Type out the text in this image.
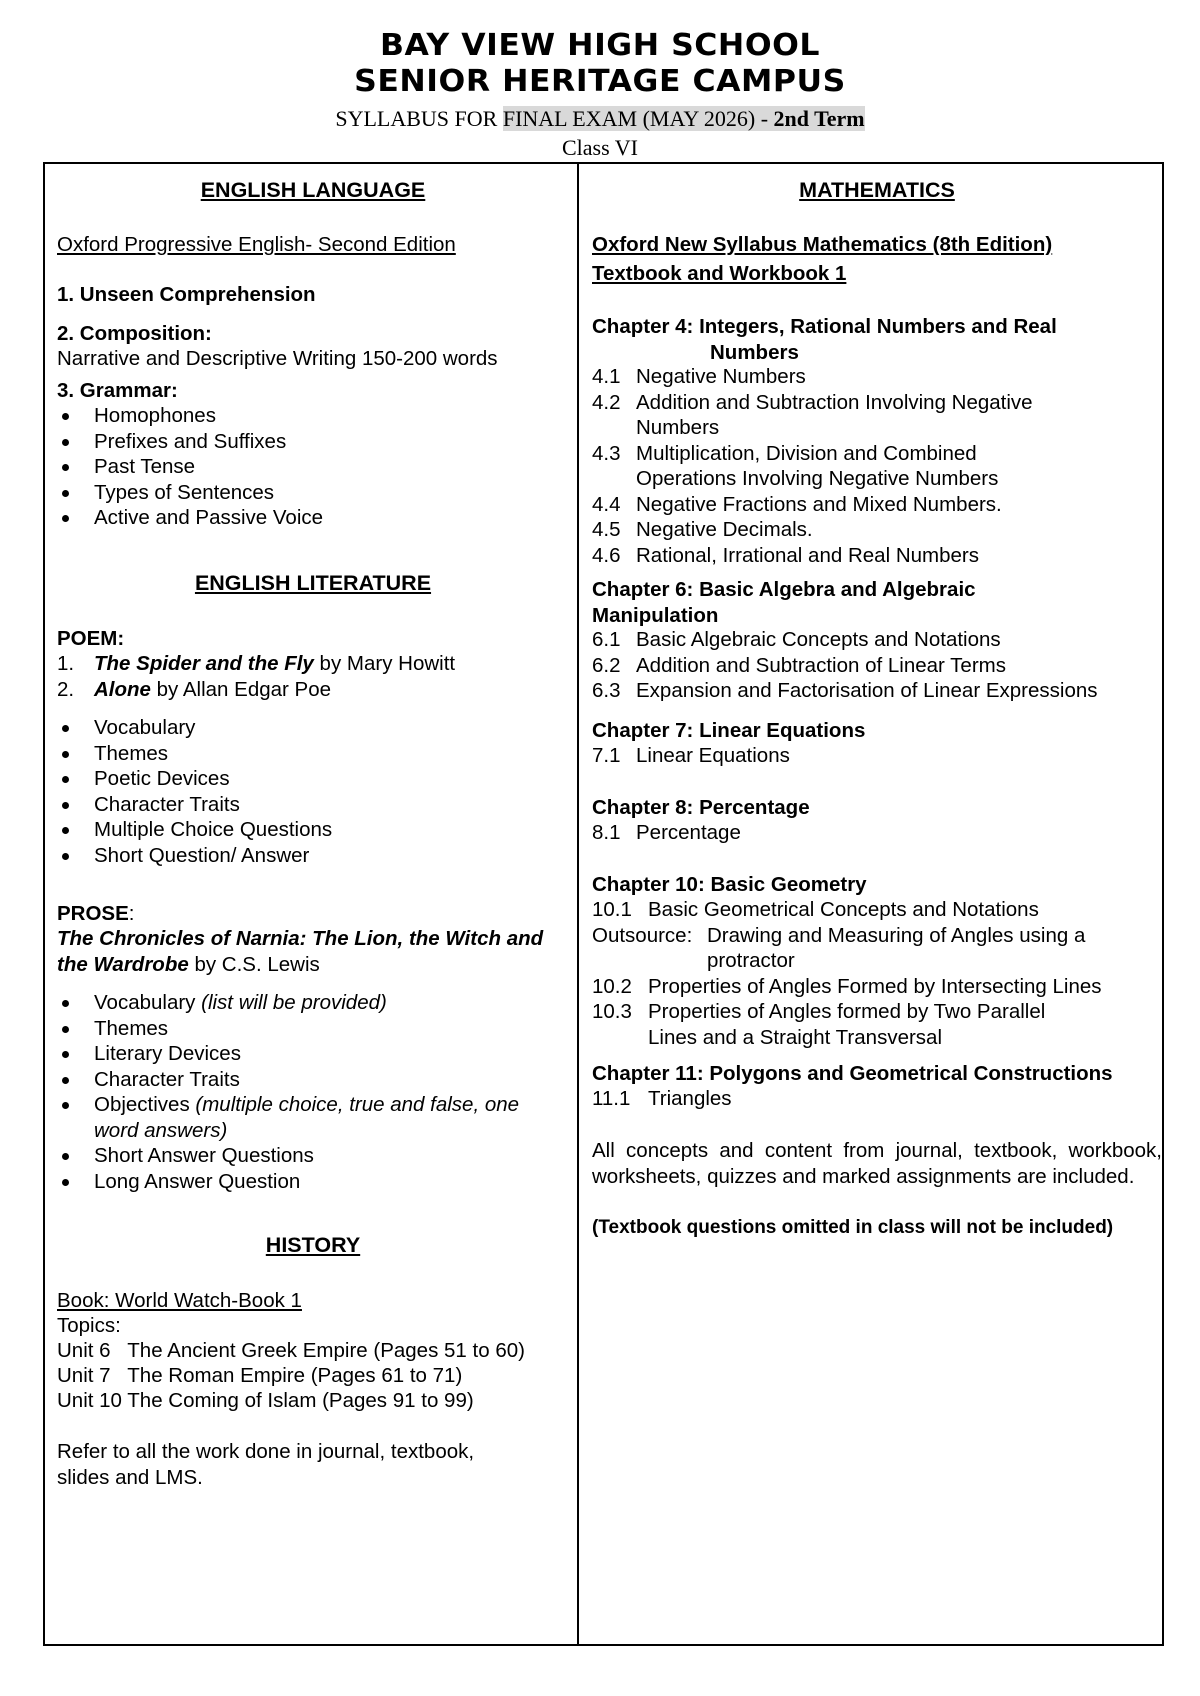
BAY VIEW HIGH SCHOOL
SENIOR HERITAGE CAMPUS
SYLLABUS FOR FINAL EXAM (MAY 2026) - 2nd Term
Class VI
ENGLISH LANGUAGE
Oxford Progressive English- Second Edition
1. Unseen Comprehension
2. Composition:
Narrative and Descriptive Writing 150-200 words
3. Grammar:
Homophones
Prefixes and Suffixes
Past Tense
Types of Sentences
Active and Passive Voice
ENGLISH LITERATURE
POEM:
1. The Spider and the Fly by Mary Howitt
2. Alone by Allan Edgar Poe
Vocabulary
Themes
Poetic Devices
Character Traits
Multiple Choice Questions
Short Question/ Answer
PROSE:
The Chronicles of Narnia: The Lion, the Witch and the Wardrobe by C.S. Lewis
Vocabulary (list will be provided)
Themes
Literary Devices
Character Traits
Objectives (multiple choice, true and false, one word answers)
Short Answer Questions
Long Answer Question
HISTORY
Book: World Watch-Book 1
Topics:
Unit 6   The Ancient Greek Empire (Pages 51 to 60)
Unit 7   The Roman Empire (Pages 61 to 71)
Unit 10 The Coming of Islam (Pages 91 to 99)
Refer to all the work done in journal, textbook, slides and LMS.
MATHEMATICS
Oxford New Syllabus Mathematics (8th Edition)
Textbook and Workbook 1
Chapter 4: Integers, Rational Numbers and Real
Numbers
4.1 Negative Numbers
4.2 Addition and Subtraction Involving Negative Numbers
4.3 Multiplication, Division and Combined Operations Involving Negative Numbers
4.4 Negative Fractions and Mixed Numbers.
4.5 Negative Decimals.
4.6 Rational, Irrational and Real Numbers
Chapter 6: Basic Algebra and Algebraic Manipulation
6.1 Basic Algebraic Concepts and Notations
6.2 Addition and Subtraction of Linear Terms
6.3 Expansion and Factorisation of Linear Expressions
Chapter 7: Linear Equations
7.1 Linear Equations
Chapter 8: Percentage
8.1 Percentage
Chapter 10: Basic Geometry
10.1 Basic Geometrical Concepts and Notations
Outsource: Drawing and Measuring of Angles using a protractor
10.2 Properties of Angles Formed by Intersecting Lines
10.3 Properties of Angles formed by Two Parallel Lines and a Straight Transversal
Chapter 11: Polygons and Geometrical Constructions
11.1 Triangles
All concepts and content from journal, textbook, workbook, worksheets, quizzes and marked assignments are included.
(Textbook questions omitted in class will not be included)
